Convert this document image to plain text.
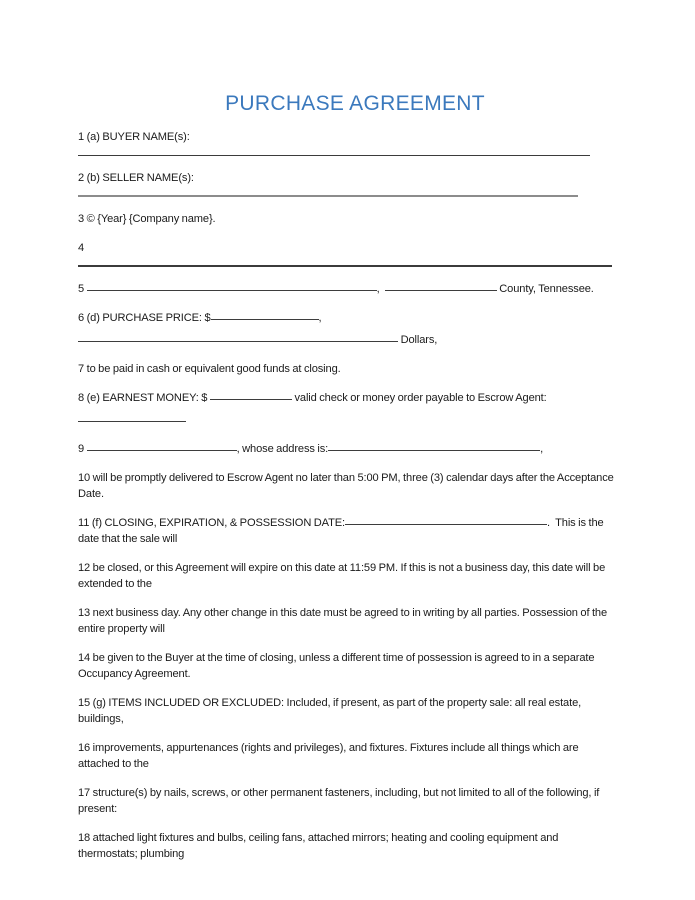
PURCHASE AGREEMENT

1 (a) BUYER NAME(s):

2 (b) SELLER NAME(s):

3 © {Year} {Company name}.

4

5	,	County, Tennessee.

6 (d) PURCHASE PRICE: $	,

Dollars,

7 to be paid in cash or equivalent good funds at closing.

8 (e) EARNEST MONEY: $	valid check or money order payable to Escrow Agent:

9	, whose address is:	,

10 will be promptly delivered to Escrow Agent no later than 5:00 PM, three (3) calendar days after the Acceptance Date.

11 (f) CLOSING, EXPIRATION, & POSSESSION DATE:	. This is the date that the sale will

12 be closed, or this Agreement will expire on this date at 11:59 PM. If this is not a business day, this date will be extended to the

13 next business day. Any other change in this date must be agreed to in writing by all parties. Possession of the entire property will

14 be given to the Buyer at the time of closing, unless a different time of possession is agreed to in a separate Occupancy Agreement.

15 (g) ITEMS INCLUDED OR EXCLUDED: Included, if present, as part of the property sale: all real estate, buildings,

16 improvements, appurtenances (rights and privileges), and fixtures. Fixtures include all things which are attached to the

17 structure(s) by nails, screws, or other permanent fasteners, including, but not limited to all of the following, if present:

18 attached light fixtures and bulbs, ceiling fans, attached mirrors; heating and cooling equipment and thermostats; plumbing
